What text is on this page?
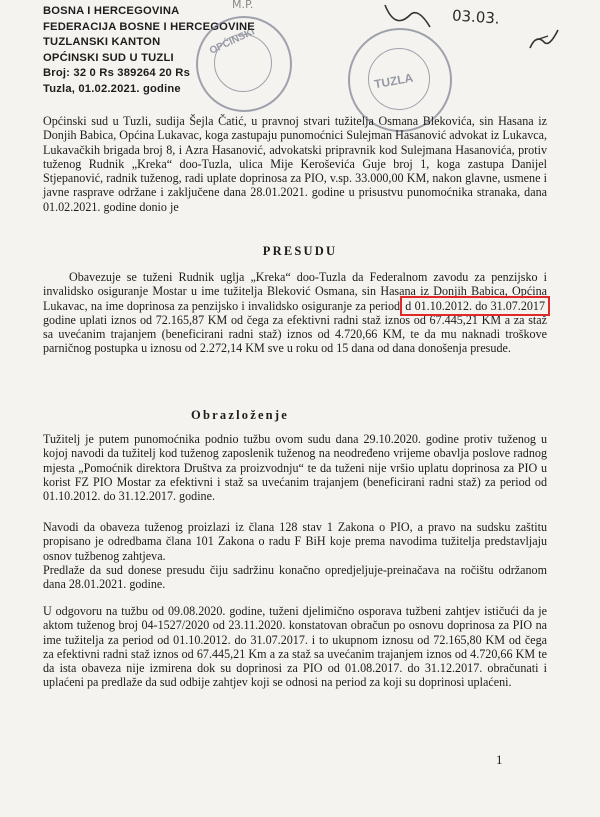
BOSNA I HERCEGOVINA
FEDERACIJA BOSNE I HERCEGOVINE
TUZLANSKI KANTON
OPĆINSKI SUD U TUZLI
Broj: 32 0 Rs 389264 20 Rs
Tuzla, 01.02.2021. godine
M.P.
03.03.
OPĆINSKI
TUZLA
Općinski sud u Tuzli, sudija Šejla Čatić, u pravnoj stvari tužitelja Osmana Blekovića, sin Hasana iz Donjih Babica, Općina Lukavac, koga zastupaju punomoćnici Sulejman Hasanović advokat iz Lukavca, Lukavačkih brigada broj 8, i Azra Hasanović, advokatski pripravnik kod Sulejmana Hasanovića, protiv tuženog Rudnik „Kreka“ doo-Tuzla, ulica Mije Keroševića Guje broj 1, koga zastupa Danijel Stjepanović, radnik tuženog, radi uplate doprinosa za PIO, v.sp. 33.000,00 KM, nakon glavne, usmene i javne rasprave održane i zaključene dana 28.01.2021. godine u prisustvu punomoćnika stranaka, dana 01.02.2021. godine donio je
PRESUDU
Obavezuje se tuženi Rudnik uglja „Kreka“ doo-Tuzla da Federalnom zavodu za penzijsko i invalidsko osiguranje Mostar u ime tužitelja Bleković Osmana, sin Hasana iz Donjih Babica, Općina Lukavac, na ime doprinosa za penzijsko i invalidsko osiguranje za period d 01.10.2012. do 31.07.2017 godine uplati iznos od 72.165,87 KM od čega za efektivni radni staž iznos od 67.445,21 KM a za staž sa uvećanim trajanjem (beneficirani radni staž) iznos od 4.720,66 KM, te da mu naknadi troškove parničnog postupka u iznosu od 2.272,14 KM sve u roku od 15 dana od dana donošenja presude.
Obrazloženje
Tužitelj je putem punomoćnika podnio tužbu ovom sudu dana 29.10.2020. godine protiv tuženog u kojoj navodi da tužitelj kod tuženog zaposlenik tuženog na neodređeno vrijeme obavlja poslove radnog mjesta „Pomoćnik direktora Društva za proizvodnju“ te da tuženi nije vršio uplatu doprinosa za PIO u korist FZ PIO Mostar za efektivni i staž sa uvećanim trajanjem (beneficirani radni staž) za period od 01.10.2012. do 31.12.2017. godine.
Navodi da obaveza tuženog proizlazi iz člana 128 stav 1 Zakona o PIO, a pravo na sudsku zaštitu propisano je odredbama člana 101 Zakona o radu F BiH koje prema navodima tužitelja predstavljaju osnov tužbenog zahtjeva.
Predlaže da sud donese presudu čiju sadržinu konačno opredjeljuje-preinačava na ročištu održanom dana 28.01.2021. godine.
U odgovoru na tužbu od 09.08.2020. godine, tuženi djelimično osporava tužbeni zahtjev ističući da je aktom tuženog broj 04-1527/2020 od 23.11.2020. konstatovan obračun po osnovu doprinosa za PIO na ime tužitelja za period od 01.10.2012. do 31.07.2017. i to ukupnom iznosu od 72.165,80 KM od čega za efektivni radni staž iznos od 67.445,21 Km a za staž sa uvećanim trajanjem iznos od 4.720,66 KM te da ista obaveza nije izmirena dok su doprinosi za PIO od 01.08.2017. do 31.12.2017. obračunati i uplaćeni pa predlaže da sud odbije zahtjev koji se odnosi na period za koji su doprinosi uplaćeni.
1
